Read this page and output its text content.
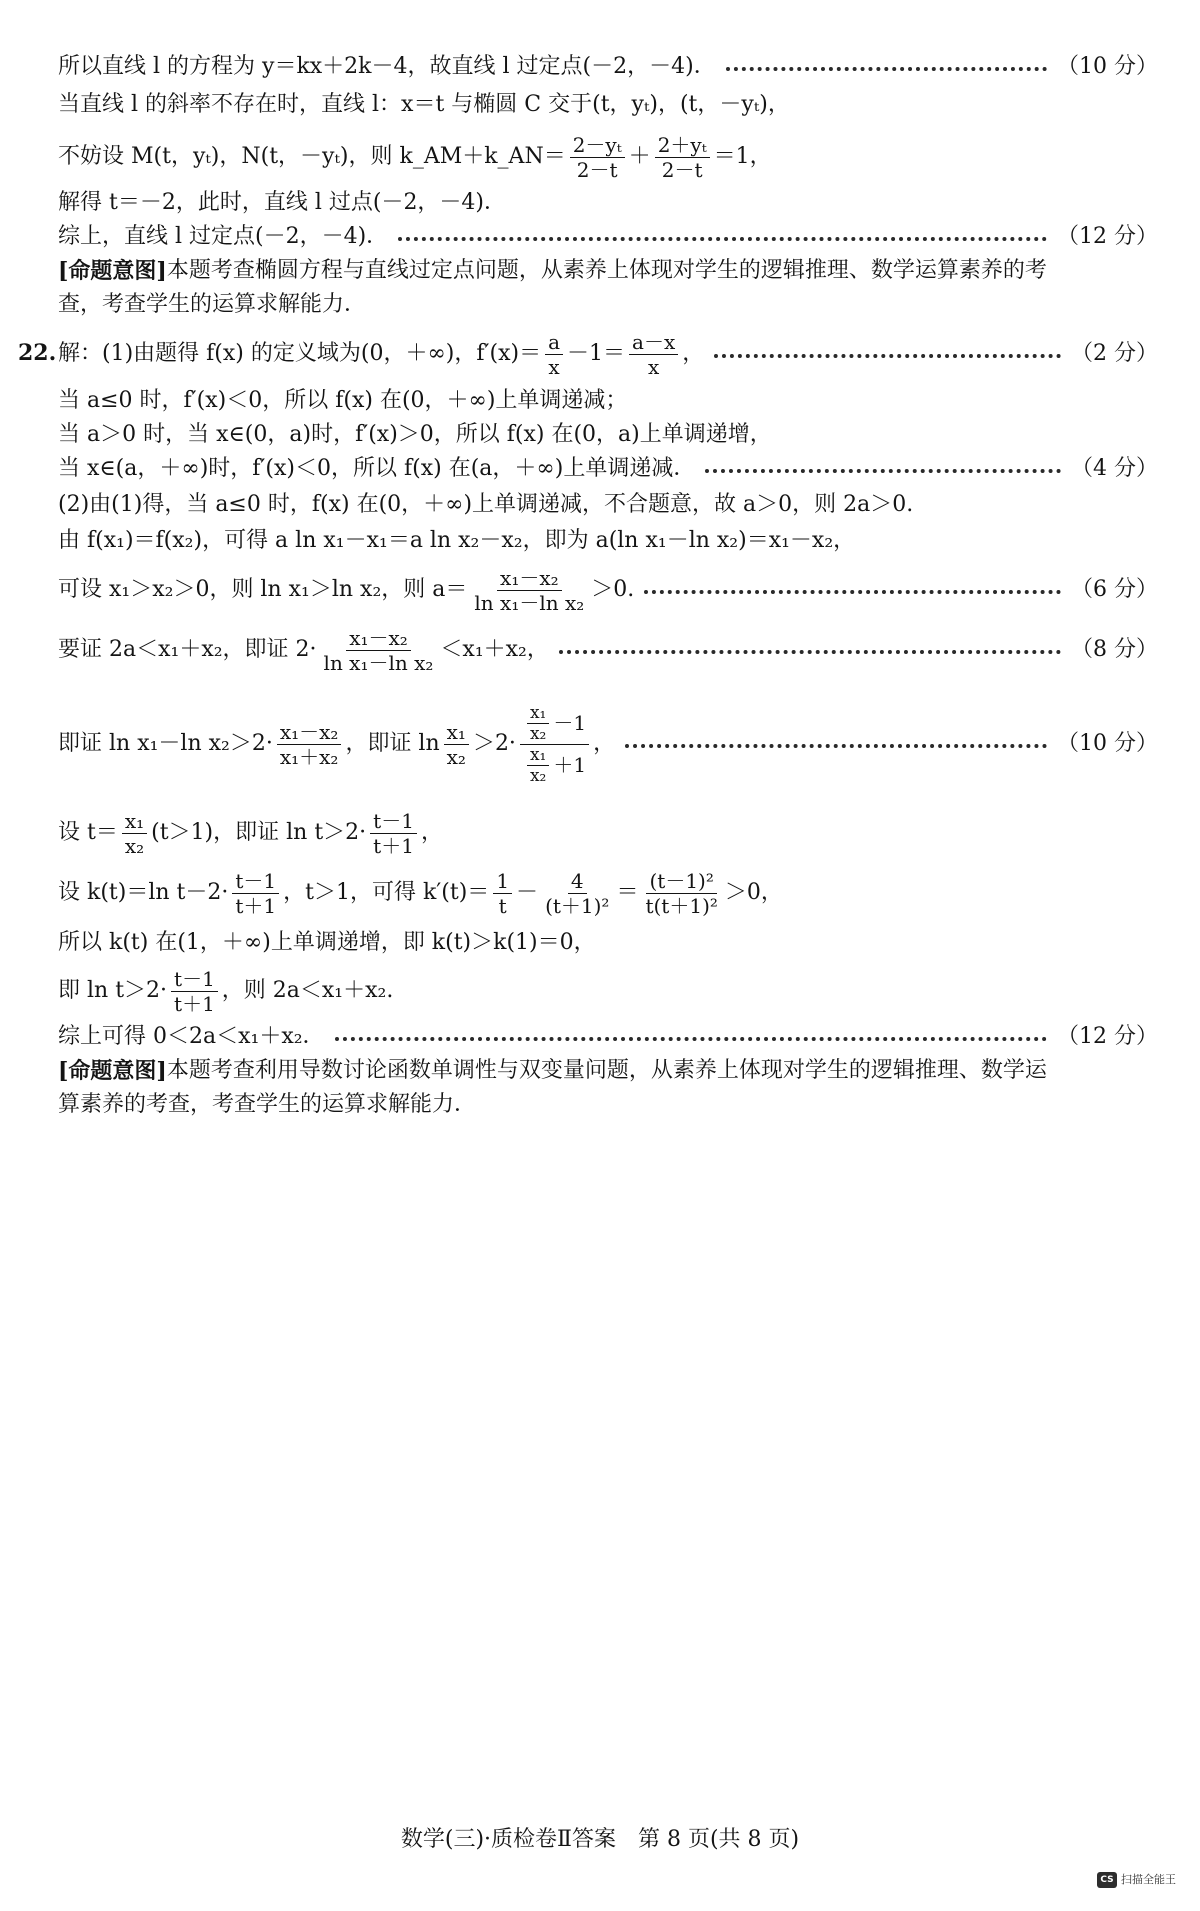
所以直线 l 的方程为 y＝kx＋2k－4，故直线 l 过定点(－2，－4)．	（10 分）
当直线 l 的斜率不存在时，直线 l：x＝t 与椭圆 C 交于(t，yₜ)，(t，－yₜ)，
不妨设 M(t，yₜ)，N(t，－yₜ)，则 k_AM＋k_AN＝ $\frac{\text{2－yₜ}}{2-t} + \frac{\text{2＋yₜ}}{2-t} =1$，
解得 t＝－2，此时，直线 l 过点(－2，－4)．
综上，直线 l 过定点(－2，－4)．	（12 分）
[命题意图] 本题考查椭圆方程与直线过定点问题，从素养上体现对学生的逻辑推理、数学运算素养的考
查，考查学生的运算求解能力．
22. 解：(1)由题得 f(x) 的定义域为(0，＋∞)，$f'(x)= \frac{a}{x} -1= \frac{a-x}{x}$ ，	（2 分）
当 a≤0 时，f′(x)＜0，所以 f(x) 在(0，＋∞)上单调递减；
当 a＞0 时，当 x∈(0，a)时，f′(x)＞0，所以 f(x) 在(0，a)上单调递增，
当 x∈(a，＋∞)时，f′(x)＜0，所以 f(x) 在(a，＋∞)上单调递减．	（4 分）
(2)由(1)得，当 a≤0 时，f(x) 在(0，＋∞)上单调递减，不合题意，故 a＞0，则 2a＞0.
由 f(x₁)＝f(x₂)，可得 a ln x₁－x₁＝a ln x₂－x₂，即为 a(ln x₁－ln x₂)＝x₁－x₂，
可设 x₁＞x₂＞0，则 ln x₁＞ln x₂，则 $a= \frac{\text{x₁－x₂}}{\text{ln x₁－ln x₂}} >0$.	（6 分）
要证 2a＜x₁＋x₂，即证 $2\cdot \frac{\text{x₁－x₂}}{\text{ln x₁－ln x₂}} <x_1+x_2$，	（8 分）
即证 ln x₁－ln $x_2>2\cdot \frac{\text{x₁－x₂}}{\text{x₁＋x₂}}$ ，即证 $\ln \frac{\text{x₁}}{\text{x₂}} >2\cdot \frac{\frac{\text{x₁}}{\text{x₂}} -1}{\frac{\text{x₁}}{\text{x₂}} +1}$ ，	（10 分）
设 $t= \frac{\text{x₁}}{\text{x₂}} (t>1)$，即证 $\ln t>2\cdot \frac{t-1}{t+1}$ ，
设 k(t)＝ln $t-2\cdot \frac{t-1}{t+1}$ ，t＞1，可得 $k'(t)= \frac{1}{t} - \frac{4}{\text{(t＋1)²}} = \frac{\text{(t－1)²}}{\text{t(t＋1)²}} >0$，
所以 k(t) 在(1，＋∞)上单调递增，即 k(t)＞k(1)＝0，
即 $\ln t>2\cdot \frac{t-1}{t+1}$ ，则 2a＜x₁＋x₂.
综上可得 0＜2a＜x₁＋x₂．	（12 分）
[命题意图] 本题考查利用导数讨论函数单调性与双变量问题，从素养上体现对学生的逻辑推理、数学运
算素养的考查，考查学生的运算求解能力．
数学(三)·质检卷Ⅱ答案　第 8 页(共 8 页)
CS 扫描全能王
